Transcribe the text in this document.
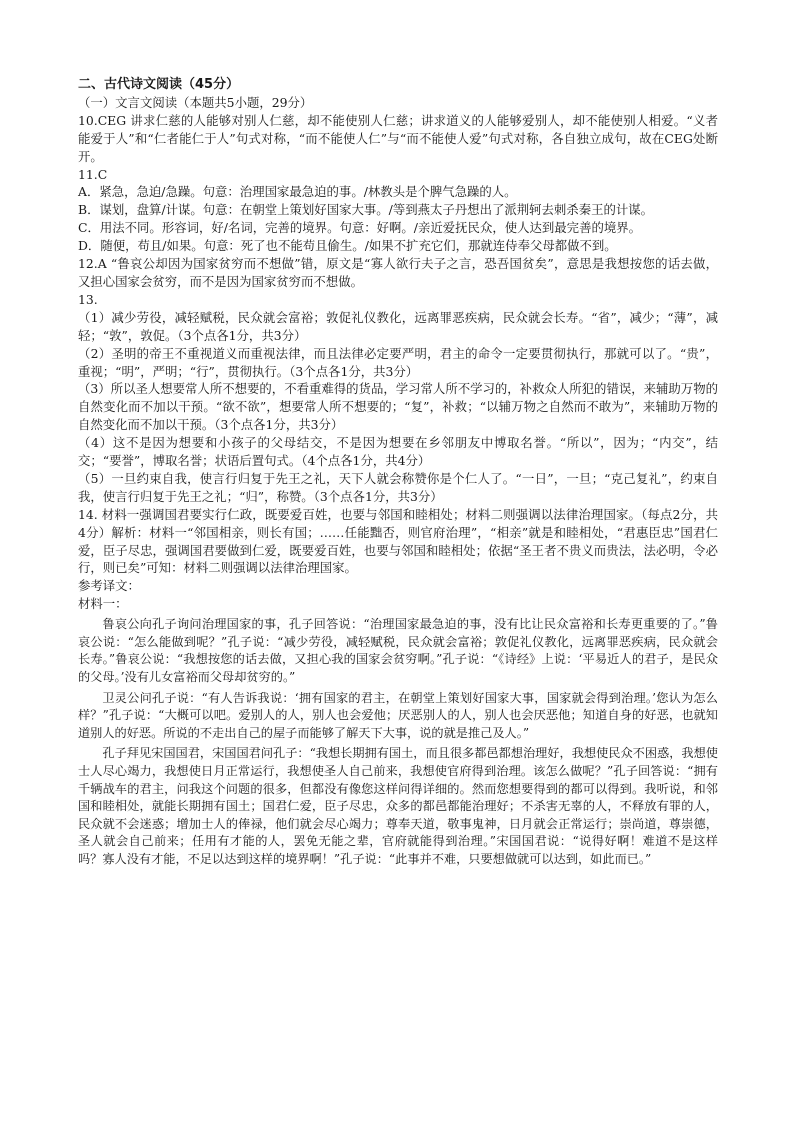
二、古代诗文阅读（45分）

（一）文言文阅读（本题共5小题，29分）

10.CEG 讲求仁慈的人能够对别人仁慈，却不能使别人仁慈；讲求道义的人能够爱别人，却不能使别人相爱。“义者能爱于人”和“仁者能仁于人”句式对称，“而不能使人仁”与“而不能使人爱”句式对称，各自独立成句，故在CEG处断开。

11.C

A．紧急，急迫/急躁。句意：治理国家最急迫的事。/林教头是个脾气急躁的人。

B．谋划，盘算/计谋。句意：在朝堂上策划好国家大事。/等到燕太子丹想出了派荆轲去刺杀秦王的计谋。

C．用法不同。形容词，好/名词，完善的境界。句意：好啊。/亲近爱抚民众，使人达到最完善的境界。

D．随便，苟且/如果。句意：死了也不能苟且偷生。/如果不扩充它们，那就连侍奉父母都做不到。

12.A “鲁哀公却因为国家贫穷而不想做”错，原文是“寡人欲行夫子之言，恐吾国贫矣”，意思是我想按您的话去做，又担心国家会贫穷，而不是因为国家贫穷而不想做。

13.

（1）减少劳役，减轻赋税，民众就会富裕；敦促礼仪教化，远离罪恶疾病，民众就会长寿。“省”，减少；“薄”，减轻；“敦”，敦促。（3个点各1分，共3分）

（2）圣明的帝王不重视道义而重视法律，而且法律必定要严明，君主的命令一定要贯彻执行，那就可以了。“贵”，重视；“明”，严明；“行”，贯彻执行。（3个点各1分，共3分）

（3）所以圣人想要常人所不想要的，不看重难得的货品，学习常人所不学习的，补救众人所犯的错误，来辅助万物的自然变化而不加以干预。“欲不欲”，想要常人所不想要的；“复”，补救；“以辅万物之自然而不敢为”，来辅助万物的自然变化而不加以干预。（3个点各1分，共3分）

（4）这不是因为想要和小孩子的父母结交，不是因为想要在乡邻朋友中博取名誉。“所以”，因为；“内交”，结交；“要誉”，博取名誉；状语后置句式。（4个点各1分，共4分）

（5）一旦约束自我，使言行归复于先王之礼，天下人就会称赞你是个仁人了。“一日”，一旦；“克己复礼”，约束自我，使言行归复于先王之礼；“归”，称赞。（3个点各1分，共3分）

14. 材料一强调国君要实行仁政，既要爱百姓，也要与邻国和睦相处；材料二则强调以法律治理国家。（每点2分，共4分）解析：材料一“邻国相亲，则长有国；……任能黜否，则官府治理”，“相亲”就是和睦相处，“君惠臣忠”国君仁爱，臣子尽忠，强调国君要做到仁爱，既要爱百姓，也要与邻国和睦相处；依据“圣王者不贵义而贵法，法必明，令必行，则已矣”可知：材料二则强调以法律治理国家。

参考译文：

材料一：

鲁哀公向孔子询问治理国家的事，孔子回答说：“治理国家最急迫的事，没有比让民众富裕和长寿更重要的了。”鲁哀公说：“怎么能做到呢？”孔子说：“减少劳役，减轻赋税，民众就会富裕；敦促礼仪教化，远离罪恶疾病，民众就会长寿。”鲁哀公说：“我想按您的话去做，又担心我的国家会贫穷啊。”孔子说：“《诗经》上说：‘平易近人的君子，是民众的父母。’没有儿女富裕而父母却贫穷的。”

卫灵公问孔子说：“有人告诉我说：‘拥有国家的君主，在朝堂上策划好国家大事，国家就会得到治理。’您认为怎么样？”孔子说：“大概可以吧。爱别人的人，别人也会爱他；厌恶别人的人，别人也会厌恶他；知道自身的好恶，也就知道别人的好恶。所说的不走出自己的屋子而能够了解天下大事，说的就是推己及人。”

孔子拜见宋国国君，宋国国君问孔子：“我想长期拥有国土，而且很多都邑都想治理好，我想使民众不困惑，我想使士人尽心竭力，我想使日月正常运行，我想使圣人自己前来，我想使官府得到治理。该怎么做呢？”孔子回答说：“拥有千辆战车的君主，问我这个问题的很多，但都没有像您这样问得详细的。然而您想要得到的都可以得到。我听说，和邻国和睦相处，就能长期拥有国土；国君仁爱，臣子尽忠，众多的都邑都能治理好；不杀害无辜的人，不释放有罪的人，民众就不会迷惑；增加士人的俸禄，他们就会尽心竭力；尊奉天道，敬事鬼神，日月就会正常运行；崇尚道，尊崇德，圣人就会自己前来；任用有才能的人，罢免无能之辈，官府就能得到治理。”宋国国君说：“说得好啊！难道不是这样吗？寡人没有才能，不足以达到这样的境界啊！”孔子说：“此事并不难，只要想做就可以达到，如此而已。”
